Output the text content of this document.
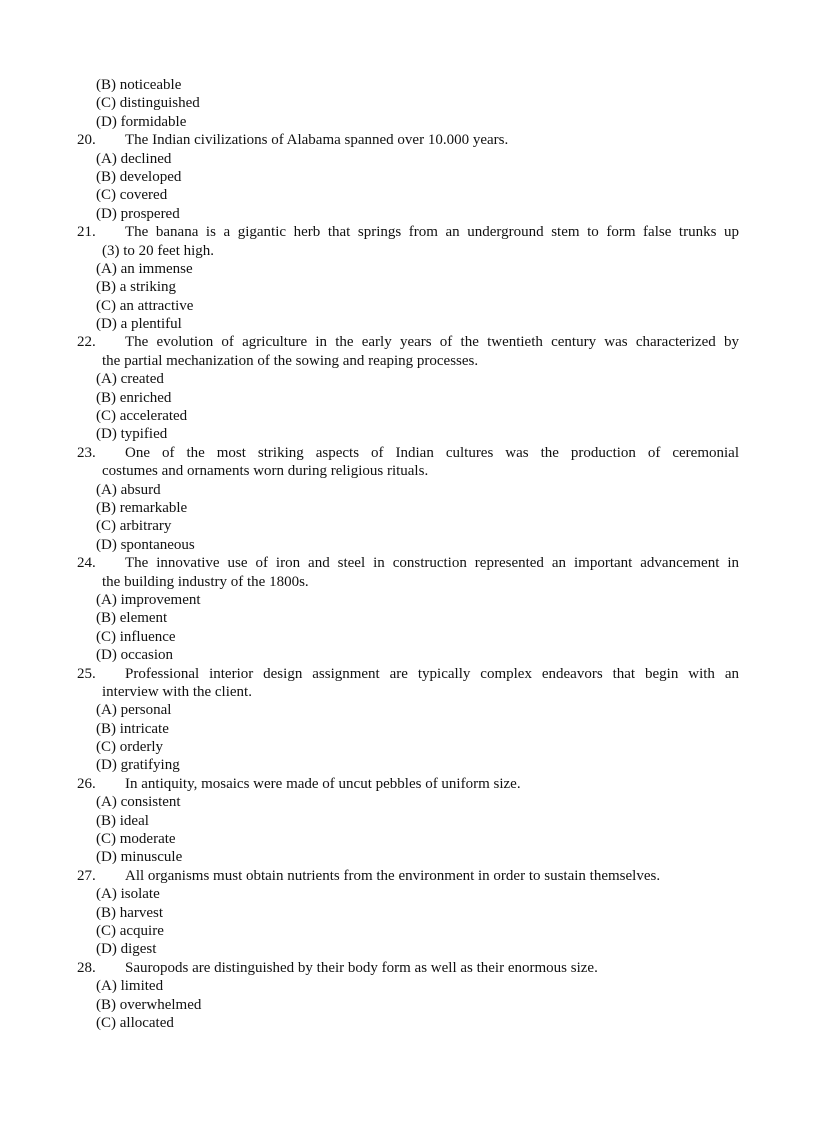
(B) noticeable
(C) distinguished
(D) formidable
20. The Indian civilizations of Alabama spanned over 10.000 years.
(A) declined
(B) developed
(C) covered
(D) prospered
21. The banana is a gigantic herb that springs from an underground stem to form false trunks up
(3) to 20 feet high.
(A) an immense
(B) a striking
(C) an attractive
(D) a plentiful
22. The evolution of agriculture in the early years of the twentieth century was characterized by
the partial mechanization of the sowing and reaping processes.
(A) created
(B) enriched
(C) accelerated
(D) typified
23. One of the most striking aspects of Indian cultures was the production of ceremonial
costumes and ornaments worn during religious rituals.
(A) absurd
(B) remarkable
(C) arbitrary
(D) spontaneous
24. The innovative use of iron and steel in construction represented an important advancement in
the building industry of the 1800s.
(A) improvement
(B) element
(C) influence
(D) occasion
25. Professional interior design assignment are typically complex endeavors that begin with an
interview with the client.
(A) personal
(B) intricate
(C) orderly
(D) gratifying
26. In antiquity, mosaics were made of uncut pebbles of uniform size.
(A) consistent
(B) ideal
(C) moderate
(D) minuscule
27. All organisms must obtain nutrients from the environment in order to sustain themselves.
(A) isolate
(B) harvest
(C) acquire
(D) digest
28. Sauropods are distinguished by their body form as well as their enormous size.
(A) limited
(B) overwhelmed
(C) allocated
